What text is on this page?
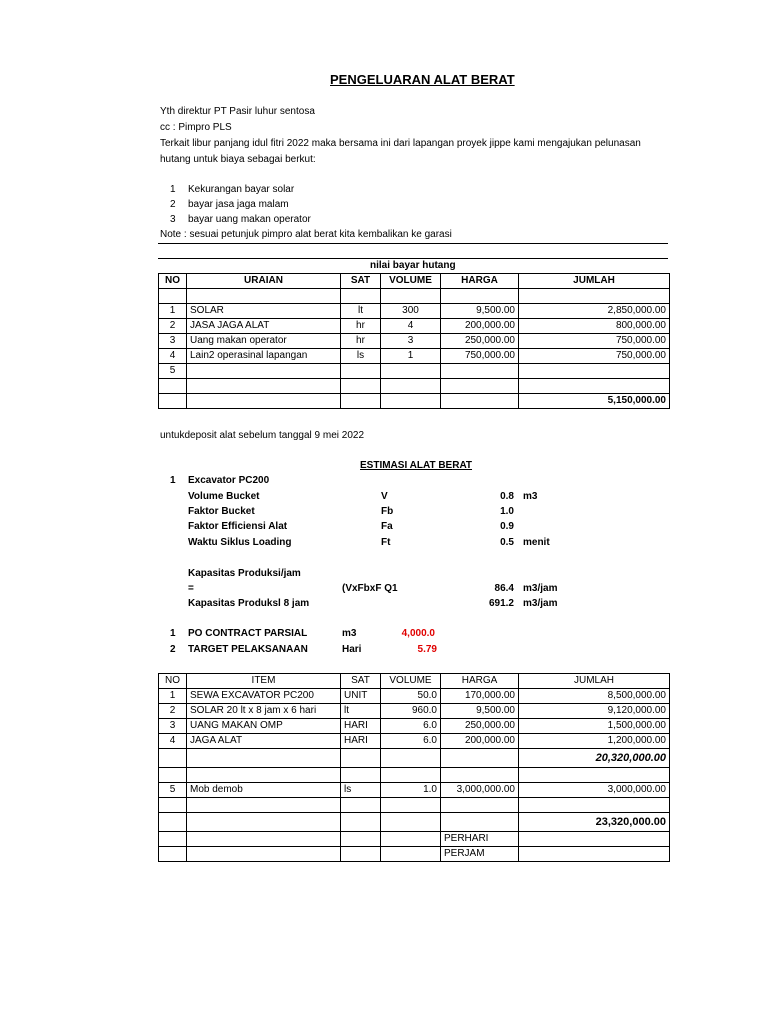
PENGELUARAN ALAT BERAT
Yth direktur PT Pasir luhur sentosa
cc : Pimpro PLS
Terkait libur panjang idul fitri 2022 maka bersama ini dari lapangan proyek jippe kami mengajukan pelunasan
hutang untuk biaya sebagai berkut:
1 Kekurangan bayar solar
2 bayar jasa jaga malam
3 bayar uang makan operator
Note : sesuai petunjuk pimpro alat berat kita kembalikan ke garasi
nilai bayar hutang
NO	URAIAN	SAT	VOLUME	HARGA	JUMLAH

1	SOLAR	lt	300	9,500.00	2,850,000.00
2	JASA JAGA ALAT	hr	4	200,000.00	800,000.00
3	Uang makan operator	hr	3	250,000.00	750,000.00
4	Lain2 operasinal lapangan	ls	1	750,000.00	750,000.00
5					

					5,150,000.00
untukdeposit alat sebelum tanggal 9 mei 2022
ESTIMASI ALAT BERAT
1 Excavator PC200
Volume Bucket	V	0.8 m3
Faktor Bucket	Fb	1.0
Faktor Efficiensi Alat	Fa	0.9
Waktu Siklus Loading	Ft	0.5 menit
Kapasitas Produksi/jam
=	(VxFbxF Q1	86.4 m3/jam
Kapasitas Produksl 8 jam	691.2 m3/jam
1 PO CONTRACT PARSIAL	m3	4,000.0
2 TARGET PELAKSANAAN	Hari	5.79
NO	ITEM	SAT	VOLUME	HARGA	JUMLAH
1	SEWA EXCAVATOR PC200	UNIT	50.0	170,000.00	8,500,000.00
2	SOLAR 20 lt x 8 jam x 6 hari	lt	960.0	9,500.00	9,120,000.00
3	UANG MAKAN OMP	HARI	6.0	250,000.00	1,500,000.00
4	JAGA ALAT	HARI	6.0	200,000.00	1,200,000.00
					20,320,000.00

5	Mob demob	ls	1.0	3,000,000.00	3,000,000.00

					23,320,000.00
				PERHARI	
				PERJAM	
